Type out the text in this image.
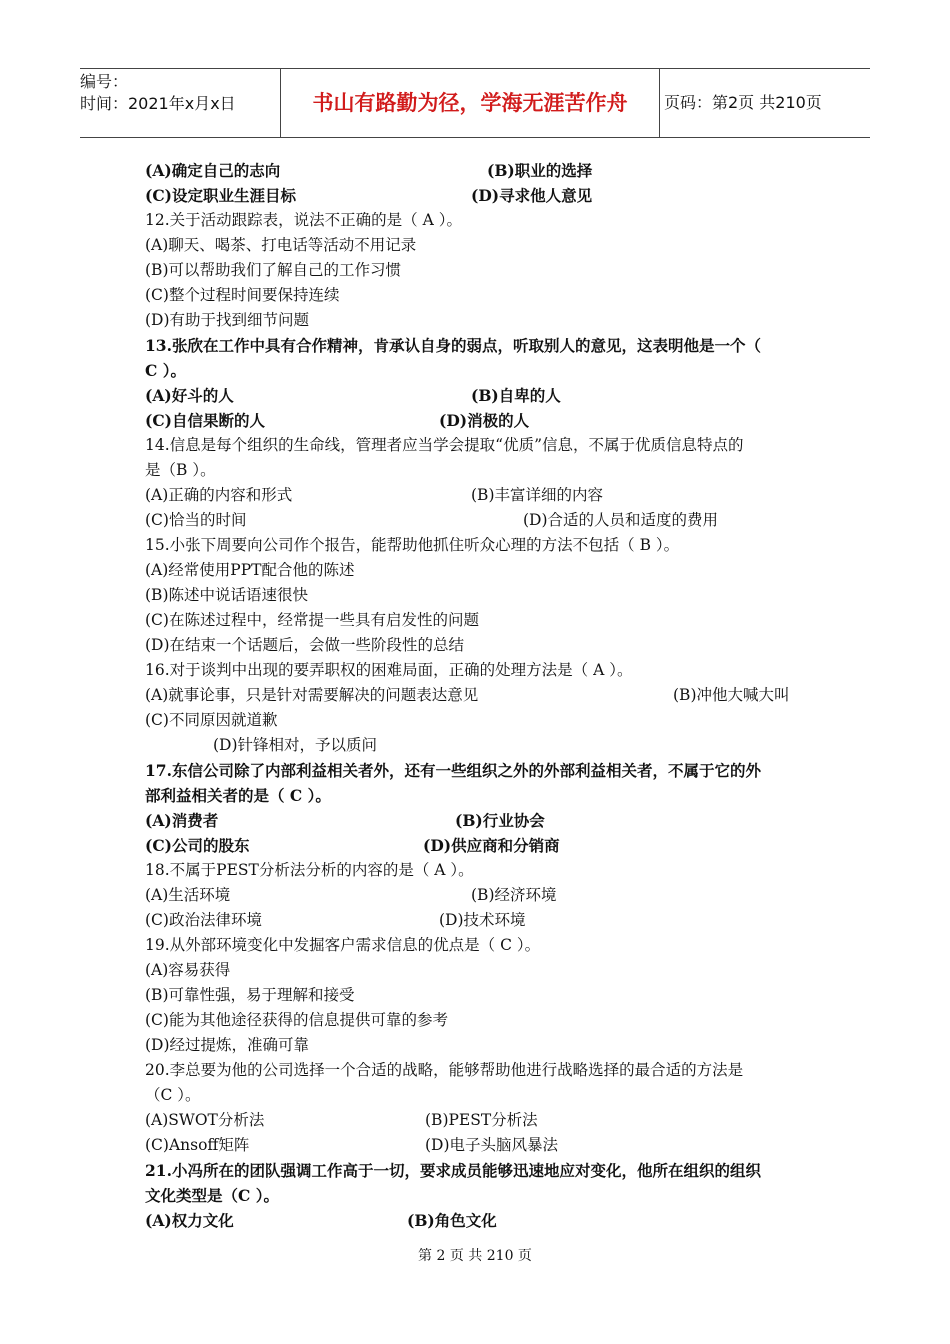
编号：
时间：2021年x月x日	书山有路勤为径，学海无涯苦作舟	页码：第2页 共210页
(A)确定自己的志向	(B)职业的选择
(C)设定职业生涯目标	(D)寻求他人意见
12.关于活动跟踪表，说法不正确的是（ A ）。
(A)聊天、喝茶、打电话等活动不用记录
(B)可以帮助我们了解自己的工作习惯
(C)整个过程时间要保持连续
(D)有助于找到细节问题
13.张欣在工作中具有合作精神，肯承认自身的弱点，听取别人的意见，这表明他是一个（
C ）。
(A)好斗的人	(B)自卑的人
(C)自信果断的人	(D)消极的人
14.信息是每个组织的生命线，管理者应当学会提取“优质”信息，不属于优质信息特点的
是（B ）。
(A)正确的内容和形式	(B)丰富详细的内容
(C)恰当的时间	(D)合适的人员和适度的费用
15.小张下周要向公司作个报告，能帮助他抓住听众心理的方法不包括（ B ）。
(A)经常使用PPT配合他的陈述
(B)陈述中说话语速很快
(C)在陈述过程中，经常提一些具有启发性的问题
(D)在结束一个话题后，会做一些阶段性的总结
16.对于谈判中出现的要弄职权的困难局面，正确的处理方法是（ A ）。
(A)就事论事，只是针对需要解决的问题表达意见	(B)冲他大喊大叫
(C)不同原因就道歉
(D)针锋相对，予以质问
17.东信公司除了内部利益相关者外，还有一些组织之外的外部利益相关者，不属于它的外
部利益相关者的是（ C ）。
(A)消费者	(B)行业协会
(C)公司的股东	(D)供应商和分销商
18.不属于PEST分析法分析的内容的是（ A ）。
(A)生活环境	(B)经济环境
(C)政治法律环境	(D)技术环境
19.从外部环境变化中发掘客户需求信息的优点是（ C ）。
(A)容易获得
(B)可靠性强，易于理解和接受
(C)能为其他途径获得的信息提供可靠的参考
(D)经过提炼，准确可靠
20.李总要为他的公司选择一个合适的战略，能够帮助他进行战略选择的最合适的方法是
（C ）。
(A)SWOT分析法	(B)PEST分析法
(C)Ansoff矩阵	(D)电子头脑风暴法
21.小冯所在的团队强调工作高于一切，要求成员能够迅速地应对变化，他所在组织的组织
文化类型是（C ）。
(A)权力文化	(B)角色文化
第 2 页 共 210 页
